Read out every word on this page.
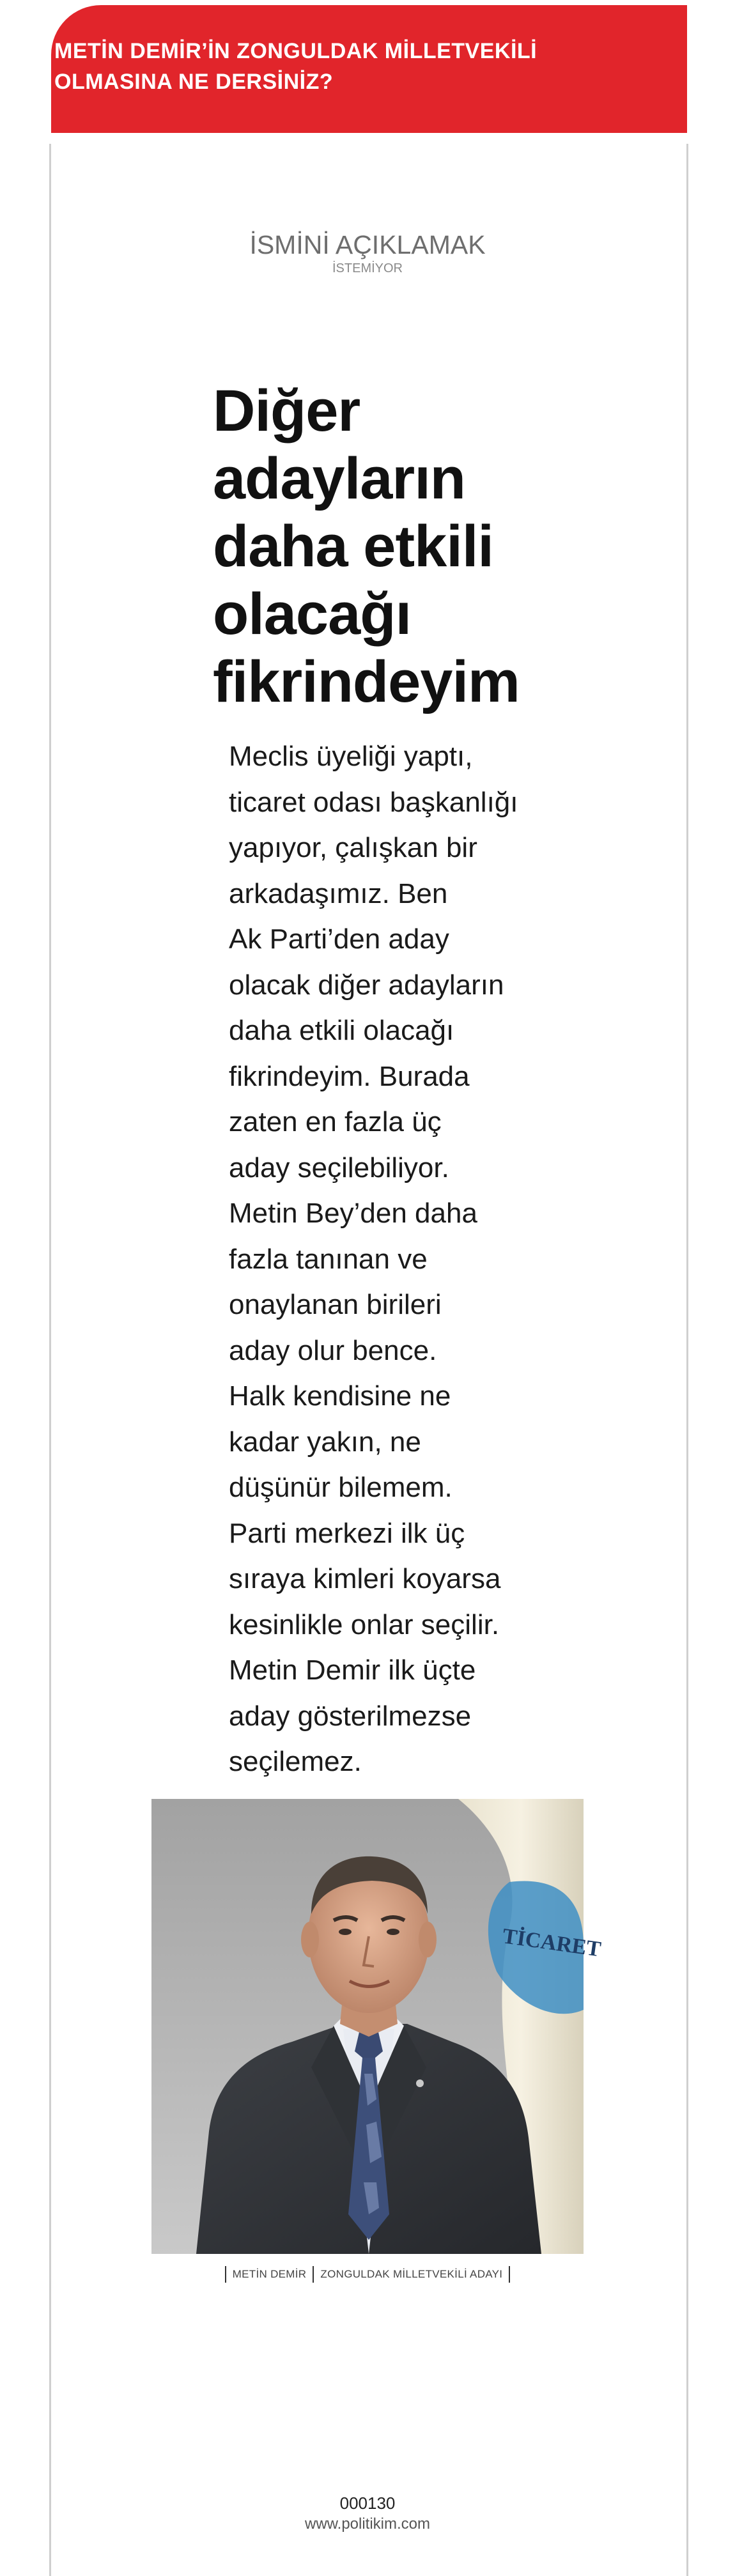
METİN DEMİR’İN ZONGULDAK MİLLETVEKİLİ
OLMASINA NE DERSİNİZ?
İSMİNİ AÇIKLAMAK
İSTEMİYOR
Diğer
adayların
daha etkili
olacağı
fikrindeyim

Meclis üyeliği yaptı,
ticaret odası başkanlığı
yapıyor, çalışkan bir
arkadaşımız. Ben
Ak Parti’den aday
olacak diğer adayların
daha etkili olacağı
fikrindeyim. Burada
zaten en fazla üç
aday seçilebiliyor.
Metin Bey’den daha
fazla tanınan ve
onaylanan birileri
aday olur bence.
Halk kendisine ne
kadar yakın, ne
düşünür bilemem.
Parti merkezi ilk üç
sıraya kimleri koyarsa
kesinlikle onlar seçilir.
Metin Demir ilk üçte
aday gösterilmezse
seçilemez.

TİCARET
METİN DEMİR ZONGULDAK MİLLETVEKİLİ ADAYI
000130
www.politikim.com
